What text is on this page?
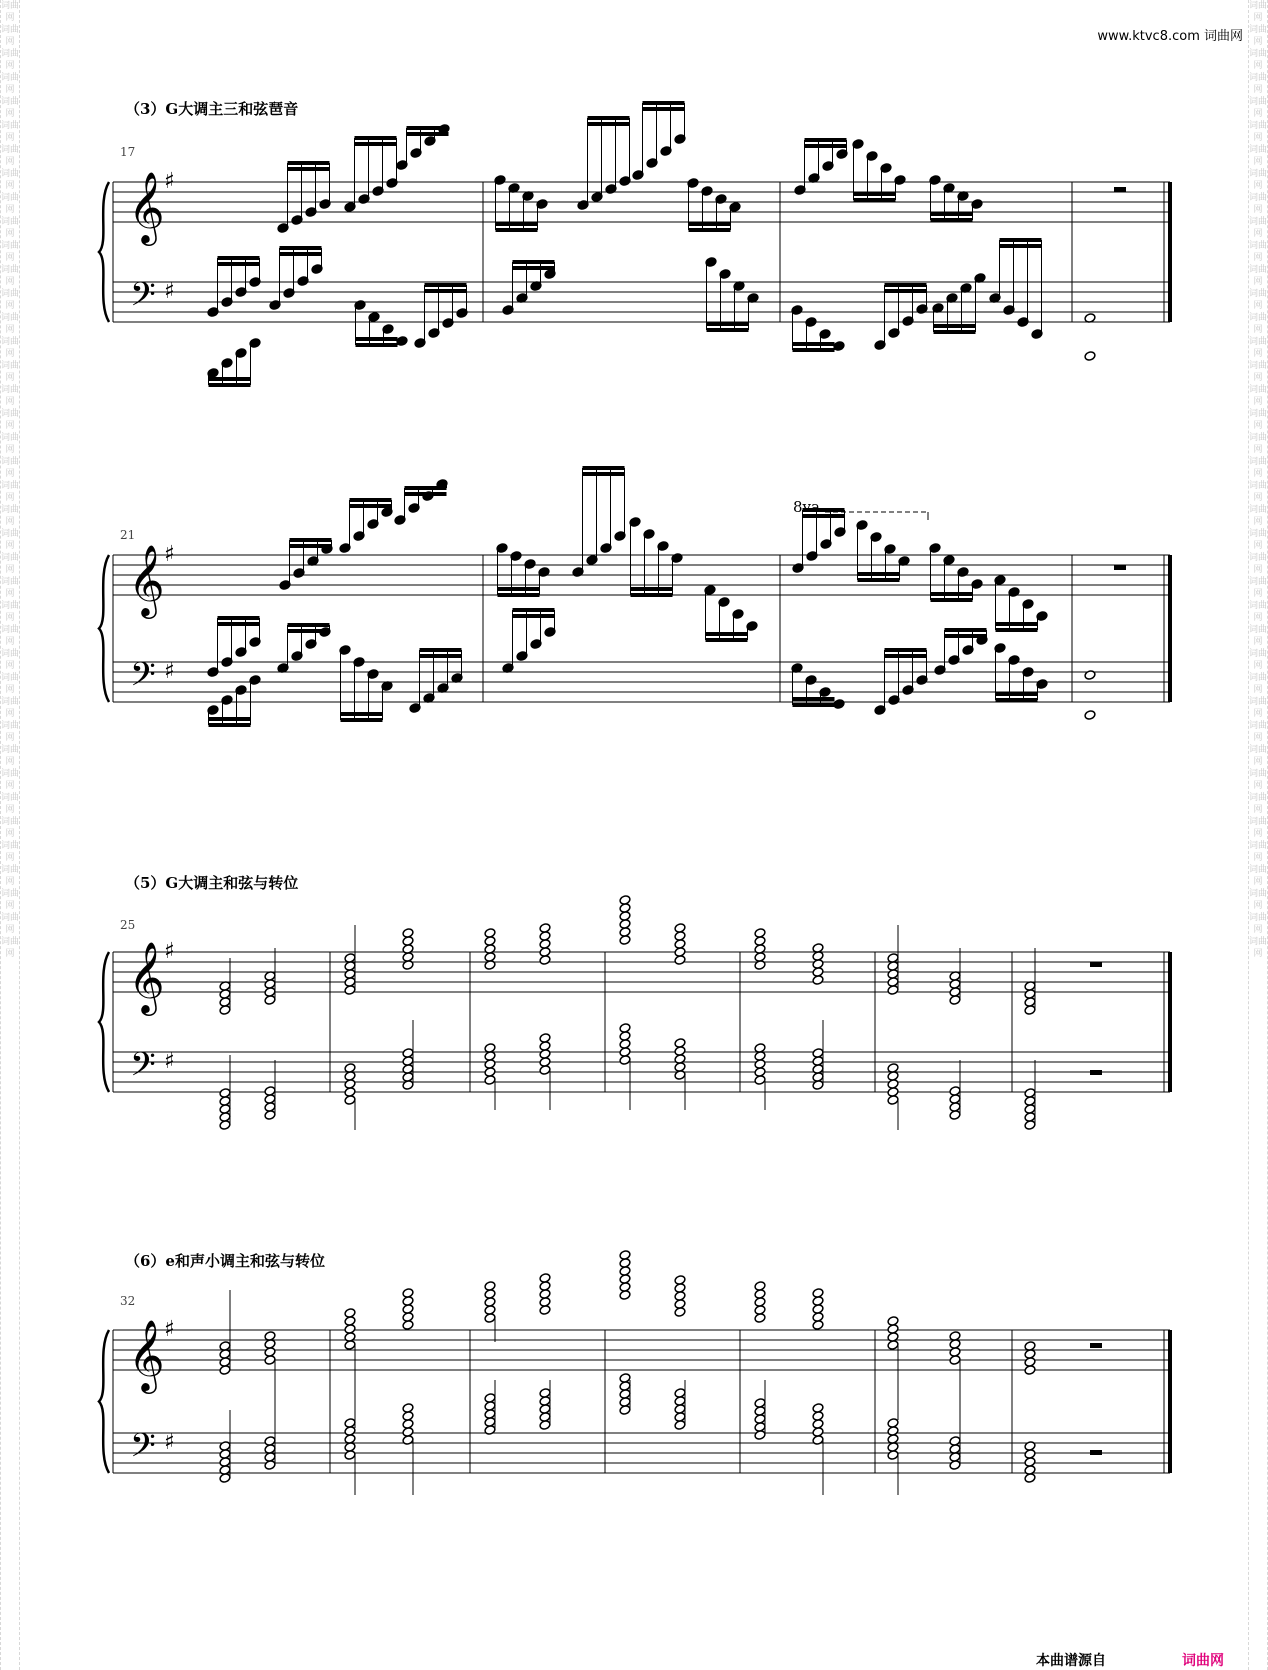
词曲网 词曲网 词曲网 词曲网 词曲网 词曲网 词曲网 词曲网 词曲网 词曲网 词曲网 词曲网 词曲网 词曲网 词曲网 词曲网 词曲网 词曲网 词曲网 词曲网 词曲网 词曲网 词曲网 词曲网 词曲网 词曲网 词曲网 词曲网 词曲网 词曲网 词曲网 词曲网 词曲网 词曲网 词曲网 词曲网 词曲网 词曲网 词曲网 词曲网
词曲网 词曲网 词曲网 词曲网 词曲网 词曲网 词曲网 词曲网 词曲网 词曲网 词曲网 词曲网 词曲网 词曲网 词曲网 词曲网 词曲网 词曲网 词曲网 词曲网 词曲网 词曲网 词曲网 词曲网 词曲网 词曲网 词曲网 词曲网 词曲网 词曲网 词曲网 词曲网 词曲网 词曲网 词曲网 词曲网 词曲网 词曲网 词曲网 词曲网
www.ktvc8.com 词曲网
（3）G大调主三和弦琶音
（5）G大调主和弦与转位
（6）e和声小调主和弦与转位
17
21
25
32
8va
𝄞
𝄢
♯
♯
𝄞
𝄢
♯
♯
𝄞
𝄢
♯
♯
𝄞
𝄢
♯
♯
本曲谱源自	词曲网
